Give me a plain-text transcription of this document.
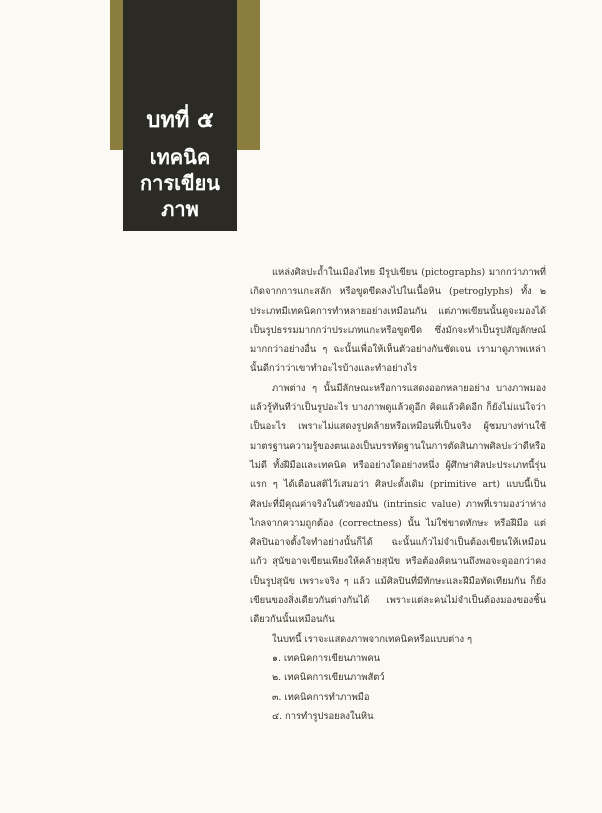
บทที่ ๕
เทคนิค
การเขียน
ภาพ

แหล่งศิลปะถ้ำในเมืองไทย มีรูปเขียน (pictographs) มากกว่าภาพที่เกิดจากการแกะสลัก หรือขูดขีดลงไปในเนื้อหิน (petroglyphs) ทั้ง ๒ ประเภทมีเทคนิคการทำหลายอย่างเหมือนกัน แต่ภาพเขียนนั้นดูจะมองได้เป็นรูปธรรมมากกว่าประเภทแกะหรือขูดขีด ซึ่งมักจะทำเป็นรูปสัญลักษณ์มากกว่าอย่างอื่น ๆ ฉะนั้นเพื่อให้เห็นตัวอย่างกันชัดเจน เรามาดูภาพเหล่านั้นดีกว่าว่าเขาทำอะไรบ้างและทำอย่างไร

ภาพต่าง ๆ นั้นมีลักษณะหรือการแสดงออกหลายอย่าง บางภาพมองแล้วรู้ทันทีว่าเป็นรูปอะไร บางภาพดูแล้วดูอีก คิดแล้วคิดอีก ก็ยังไม่แน่ใจว่าเป็นอะไร เพราะไม่แสดงรูปคล้ายหรือเหมือนที่เป็นจริง ผู้ชมบางท่านใช้มาตรฐานความรู้ของตนเองเป็นบรรทัดฐานในการตัดสินภาพศิลปะว่าดีหรือไม่ดี ทั้งฝีมือและเทคนิค หรืออย่างใดอย่างหนึ่ง ผู้ศึกษาศิลปะประเภทนี้รุ่นแรก ๆ ได้เตือนสติไว้เสมอว่า ศิลปะดั้งเดิม (primitive art) แบบนี้เป็น ศิลปะที่มีคุณค่าจริงในตัวของมัน (intrinsic value) ภาพที่เรามองว่าห่างไกลจากความถูกต้อง (correctness) นั้น ไม่ใช่ขาดทักษะ หรือฝีมือ แต่ศิลปินอาจตั้งใจทำอย่างนั้นก็ได้ ฉะนั้นแก้วไม่จำเป็นต้องเขียนให้เหมือนแก้ว สุนัขอาจเขียนเพียงให้คล้ายสุนัข หรือต้องคิดนานถึงพอจะดูออกว่าคงเป็นรูปสุนัข เพราะจริง ๆ แล้ว แม้ศิลปินที่มีทักษะและฝีมือทัดเทียมกัน ก็ยังเขียนของสิ่งเดียวกันต่างกันได้ เพราะแต่ละคนไม่จำเป็นต้องมองของชิ้นเดียวกันนั้นเหมือนกัน

ในบทนี้ เราจะแสดงภาพจากเทคนิคหรือแบบต่าง ๆ

๑. เทคนิคการเขียนภาพคน
๒. เทคนิคการเขียนภาพสัตว์
๓. เทคนิคการทำภาพมือ
๔. การทำรูปรอยลงในหิน
